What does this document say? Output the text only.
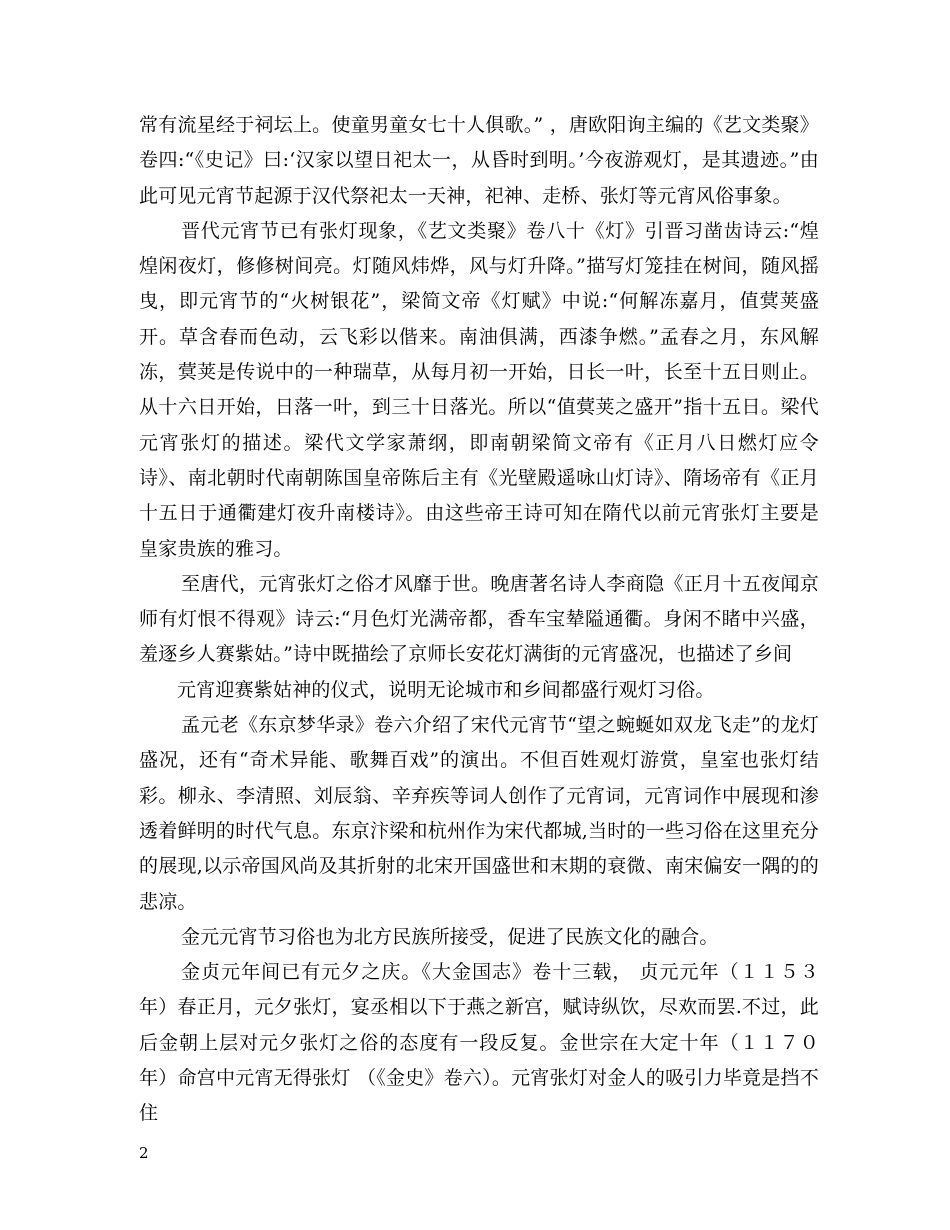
常有流星经于祠坛上。使童男童女七十人俱歌。” ，唐欧阳询主编的《艺文类聚》卷四:“《史记》曰:‘汉家以望日祀太一，从昏时到明。’今夜游观灯，是其遗迹。”由此可见元宵节起源于汉代祭祀太一天神，祀神、走桥、张灯等元宵风俗事象。

晋代元宵节已有张灯现象，《艺文类聚》卷八十《灯》引晋习凿齿诗云:“煌煌闲夜灯，修修树间亮。灯随风炜烨，风与灯升降。”描写灯笼挂在树间，随风摇曳，即元宵节的“火树银花”，梁简文帝《灯赋》中说:“何解冻嘉月，值蓂荚盛开。草含春而色动，云飞彩以偕来。南油俱满，西漆争燃。”孟春之月，东风解冻，蓂荚是传说中的一种瑞草，从每月初一开始，日长一叶，长至十五日则止。从十六日开始，日落一叶，到三十日落光。所以“值蓂荚之盛开”指十五日。梁代元宵张灯的描述。梁代文学家萧纲，即南朝梁简文帝有《正月八日燃灯应令诗》、南北朝时代南朝陈国皇帝陈后主有《光壁殿遥咏山灯诗》、隋场帝有《正月十五日于通衢建灯夜升南楼诗》。由这些帝王诗可知在隋代以前元宵张灯主要是皇家贵族的雅习。

至唐代，元宵张灯之俗才风靡于世。晚唐著名诗人李商隐《正月十五夜闻京师有灯恨不得观》诗云:“月色灯光满帝都，香车宝辇隘通衢。身闲不睹中兴盛，羞逐乡人赛紫姑。”诗中既描绘了京师长安花灯满街的元宵盛况，也描述了乡间

元宵迎赛紫姑神的仪式，说明无论城市和乡间都盛行观灯习俗。

孟元老《东京梦华录》卷六介绍了宋代元宵节“望之蜿蜒如双龙飞走”的龙灯盛况，还有“奇术异能、歌舞百戏”的演出。不但百姓观灯游赏，皇室也张灯结彩。柳永、李清照、刘辰翁、辛弃疾等词人创作了元宵词，元宵词作中展现和渗透着鲜明的时代气息。东京汴梁和杭州作为宋代都城,当时的一些习俗在这里充分的展现,以示帝国风尚及其折射的北宋开国盛世和末期的衰微、南宋偏安一隅的的悲凉。

金元元宵节习俗也为北方民族所接受，促进了民族文化的融合。

金贞元年间已有元夕之庆。《大金国志》卷十三载， 贞元元年（１１５３年）春正月，元夕张灯，宴丞相以下于燕之新宫，赋诗纵饮，尽欢而罢.不过，此后金朝上层对元夕张灯之俗的态度有一段反复。金世宗在大定十年（１１７０年）命宫中元宵无得张灯 （《金史》卷六）。元宵张灯对金人的吸引力毕竟是挡不住

2
